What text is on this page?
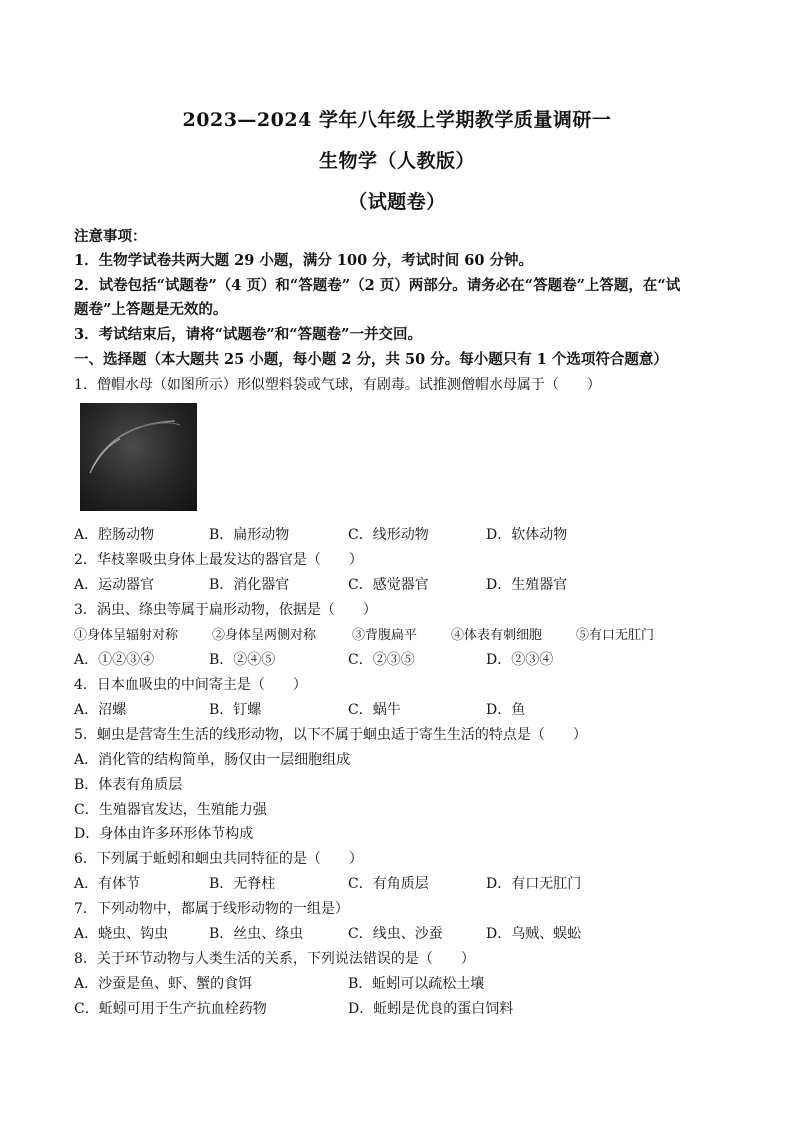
2023—2024 学年八年级上学期教学质量调研一
生物学（人教版）
（试题卷）
注意事项：
1．生物学试卷共两大题 29 小题，满分 100 分，考试时间 60 分钟。
2．试卷包括“试题卷”（4 页）和“答题卷”（2 页）两部分。请务必在“答题卷”上答题，在“试
题卷”上答题是无效的。
3．考试结束后，请将“试题卷”和“答题卷”一并交回。
一、选择题（本大题共 25 小题，每小题 2 分，共 50 分。每小题只有 1 个选项符合题意）
1．僧帽水母（如图所示）形似塑料袋或气球，有剧毒。试推测僧帽水母属于（　　）
A．腔肠动物	B．扁形动物	C．线形动物	D．软体动物
2．华枝睾吸虫身体上最发达的器官是（　　）
A．运动器官	B．消化器官	C．感觉器官	D．生殖器官
3．涡虫、绦虫等属于扁形动物，依据是（　　）
①身体呈辐射对称	②身体呈两侧对称	③背腹扁平	④体表有刺细胞	⑤有口无肛门
A．①②③④	B．②④⑤	C．②③⑤	D．②③④
4．日本血吸虫的中间寄主是（　　）
A．沼螺	B．钉螺	C．蜗牛	D．鱼
5．蛔虫是营寄生生活的线形动物，以下不属于蛔虫适于寄生生活的特点是（　　）
A．消化管的结构简单，肠仅由一层细胞组成
B．体表有角质层
C．生殖器官发达，生殖能力强
D．身体由许多环形体节构成
6．下列属于蚯蚓和蛔虫共同特征的是（　　）
A．有体节	B．无脊柱	C．有角质层	D．有口无肛门
7．下列动物中，都属于线形动物的一组是）
A．蛲虫、钩虫	B．丝虫、绦虫	C．线虫、沙蚕	D．乌贼、蜈蚣
8．关于环节动物与人类生活的关系，下列说法错误的是（　　）
A．沙蚕是鱼、虾、蟹的食饵	B．蚯蚓可以疏松土壤
C．蚯蚓可用于生产抗血栓药物	D．蚯蚓是优良的蛋白饲料
